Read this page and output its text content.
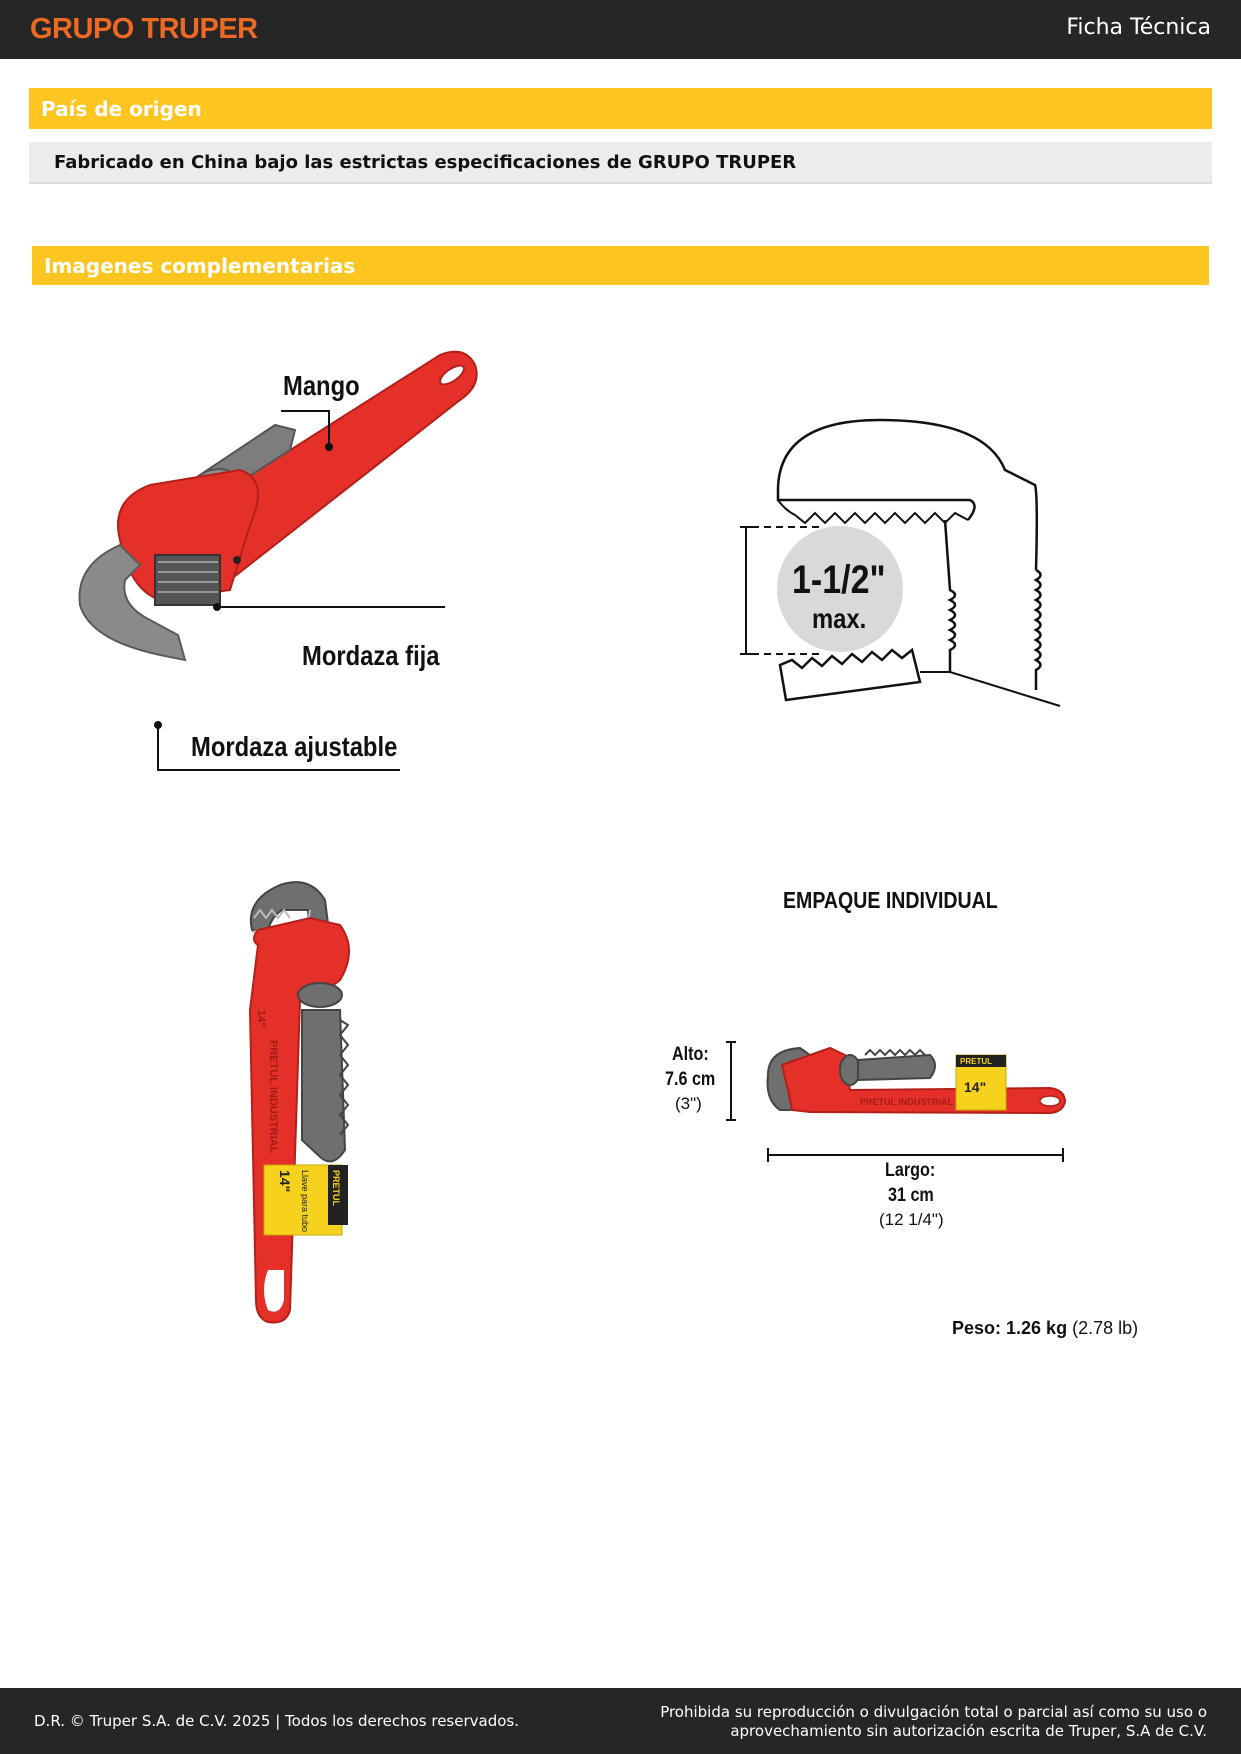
GRUPO TRUPER	Ficha Técnica
País de origen
Fabricado en China bajo las estrictas especificaciones de GRUPO TRUPER
Imagenes complementarias
Mango
Mordaza fija
Mordaza ajustable
1-1/2"
max.
14" Llave para tubo PRETUL
14"
PRETUL INDUSTRIAL
EMPAQUE INDIVIDUAL
PRETUL
14"
PRETUL INDUSTRIAL
Alto:
7.6 cm
(3")
Largo:
31 cm
(12 1/4")
Peso: 1.26 kg (2.78 lb)
D.R. © Truper S.A. de C.V. 2025 | Todos los derechos reservados.	Prohibida su reproducción o divulgación total o parcial así como su uso o
aprovechamiento sin autorización escrita de Truper, S.A de C.V.
